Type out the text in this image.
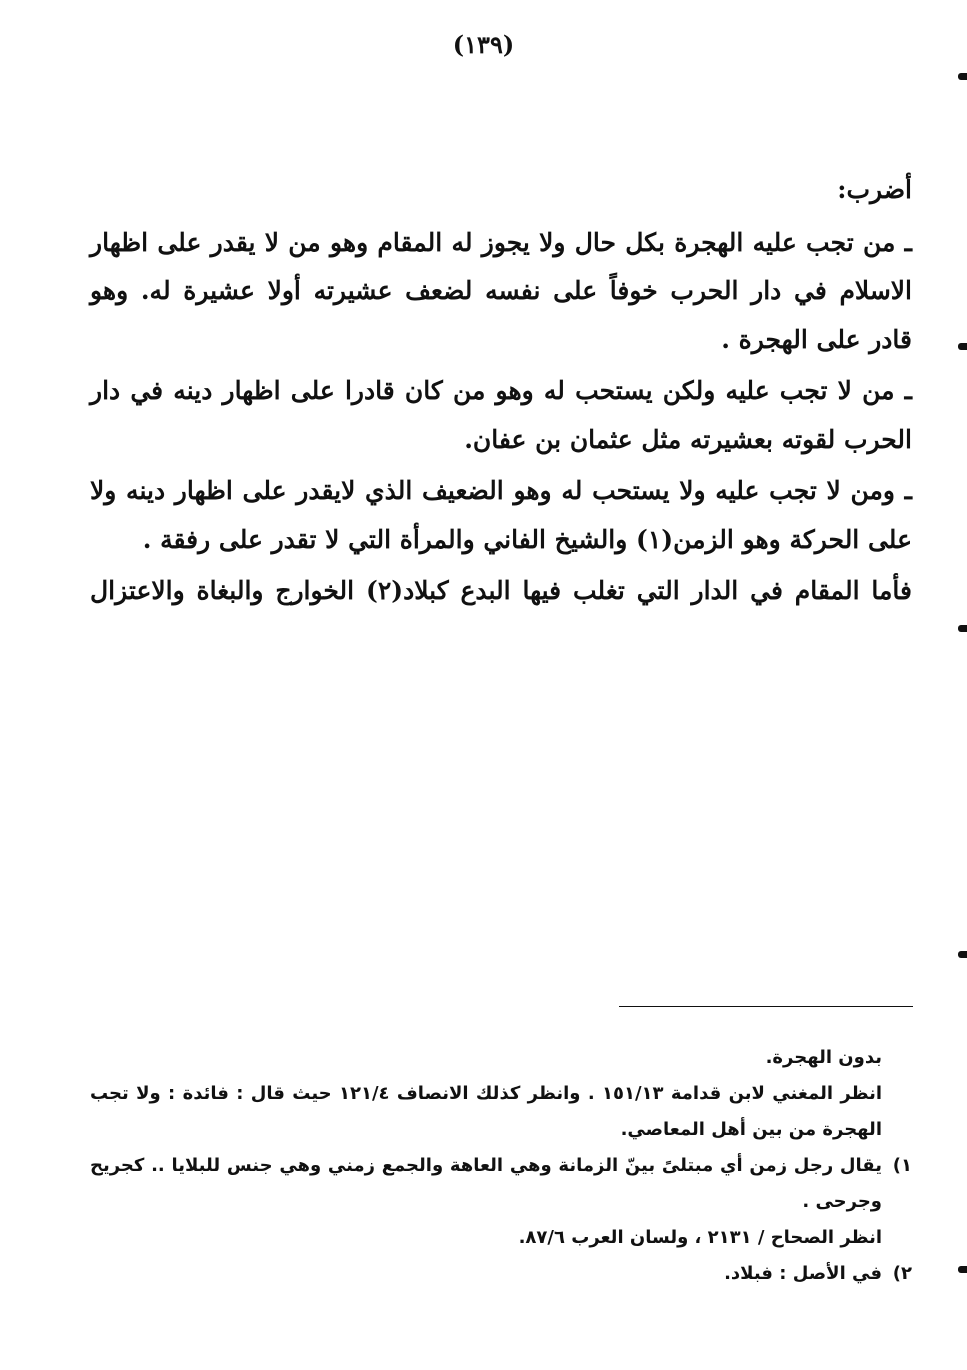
(١٣٩)

أضرب:

ـ من تجب عليه الهجرة بكل حال ولا يجوز له المقام وهو من لا يقدر على اظهار الاسلام في دار الحرب خوفاً على نفسه لضعف عشيرته أولا عشيرة له. وهو قادر على الهجرة .

ـ من لا تجب عليه ولكن يستحب له وهو من كان قادرا على اظهار دينه في دار الحرب لقوته بعشيرته مثل عثمان بن عفان.

ـ ومن لا تجب عليه ولا يستحب له وهو الضعيف الذي لايقدر على اظهار دينه ولا على الحركة وهو الزمن(١) والشيخ الفاني والمرأة التي لا تقدر على رفقة .

فأما المقام في الدار التي تغلب فيها البدع كبلاد(٢) الخوارج والبغاة والاعتزال

بدون الهجرة.

انظر المغني لابن قدامة ١٥١/١٣ . وانظر كذلك الانصاف ١٢١/٤ حيث قال : فائدة : ولا تجب الهجرة من بين أهل المعاصي.

١)

يقال رجل زمن أي مبتلىً بينّ الزمانة وهي العاهة والجمع زمني وهي جنس للبلايا .. كجريح وجرحى .

انظر الصحاح / ٢١٣١ ، ولسان العرب ٨٧/٦.

٢)

في الأصل : فبلاد.
